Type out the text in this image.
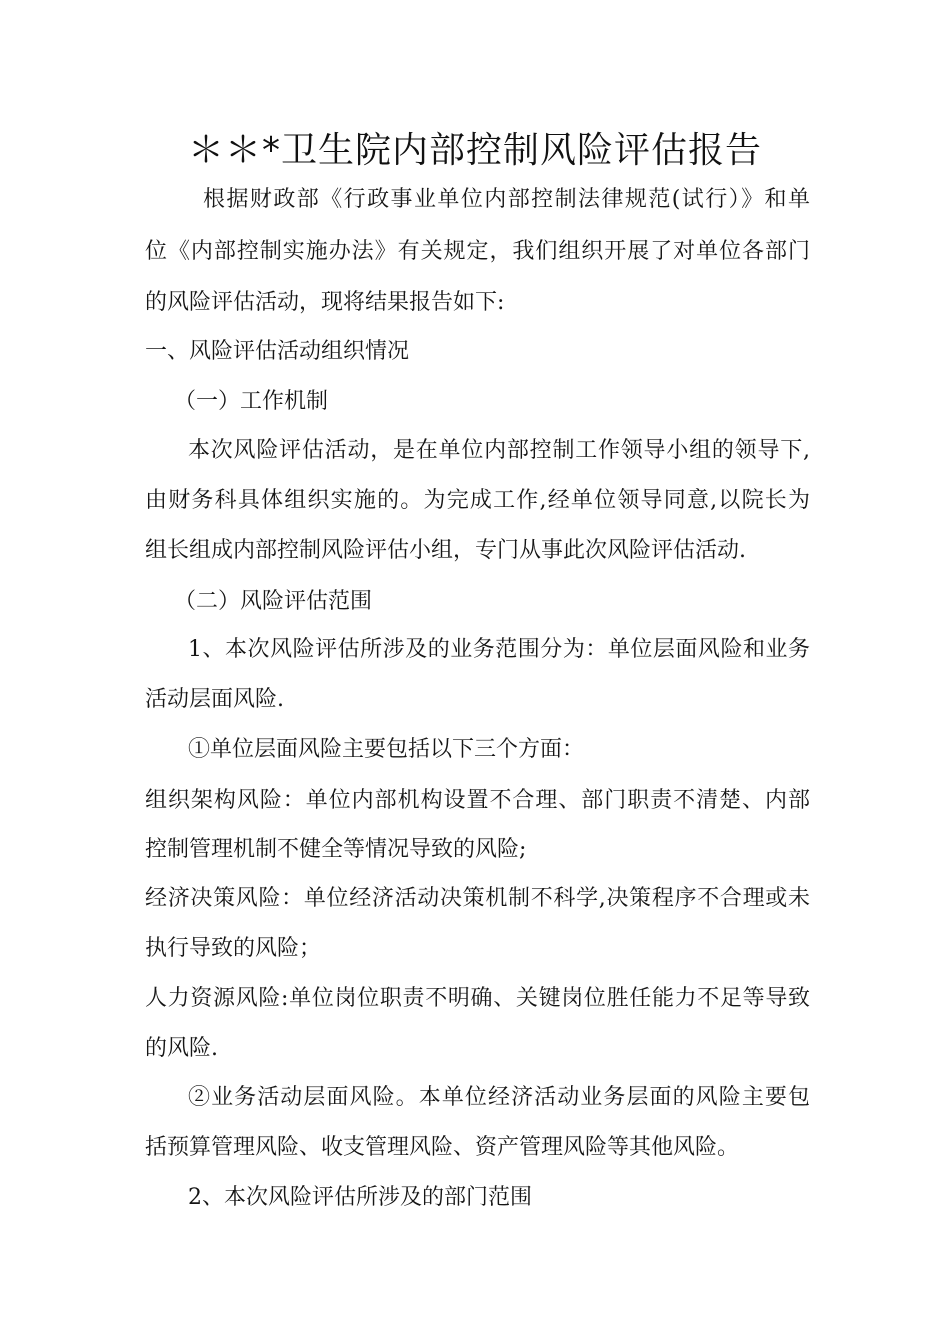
＊＊*卫生院内部控制风险评估报告
根据财政部《行政事业单位内部控制法律规范(试行）》和单
位《内部控制实施办法》有关规定，我们组织开展了对单位各部门
的风险评估活动，现将结果报告如下:
一、风险评估活动组织情况
（一）工作机制
本次风险评估活动，是在单位内部控制工作领导小组的领导下,
由财务科具体组织实施的。为完成工作,经单位领导同意,以院长为
组长组成内部控制风险评估小组，专门从事此次风险评估活动.
（二）风险评估范围
1、本次风险评估所涉及的业务范围分为：单位层面风险和业务
活动层面风险.
①单位层面风险主要包括以下三个方面：
组织架构风险：单位内部机构设置不合理、部门职责不清楚、内部
控制管理机制不健全等情况导致的风险;
经济决策风险：单位经济活动决策机制不科学,决策程序不合理或未
执行导致的风险；
人力资源风险:单位岗位职责不明确、关键岗位胜任能力不足等导致
的风险.
②业务活动层面风险。本单位经济活动业务层面的风险主要包
括预算管理风险、收支管理风险、资产管理风险等其他风险。
2、本次风险评估所涉及的部门范围
